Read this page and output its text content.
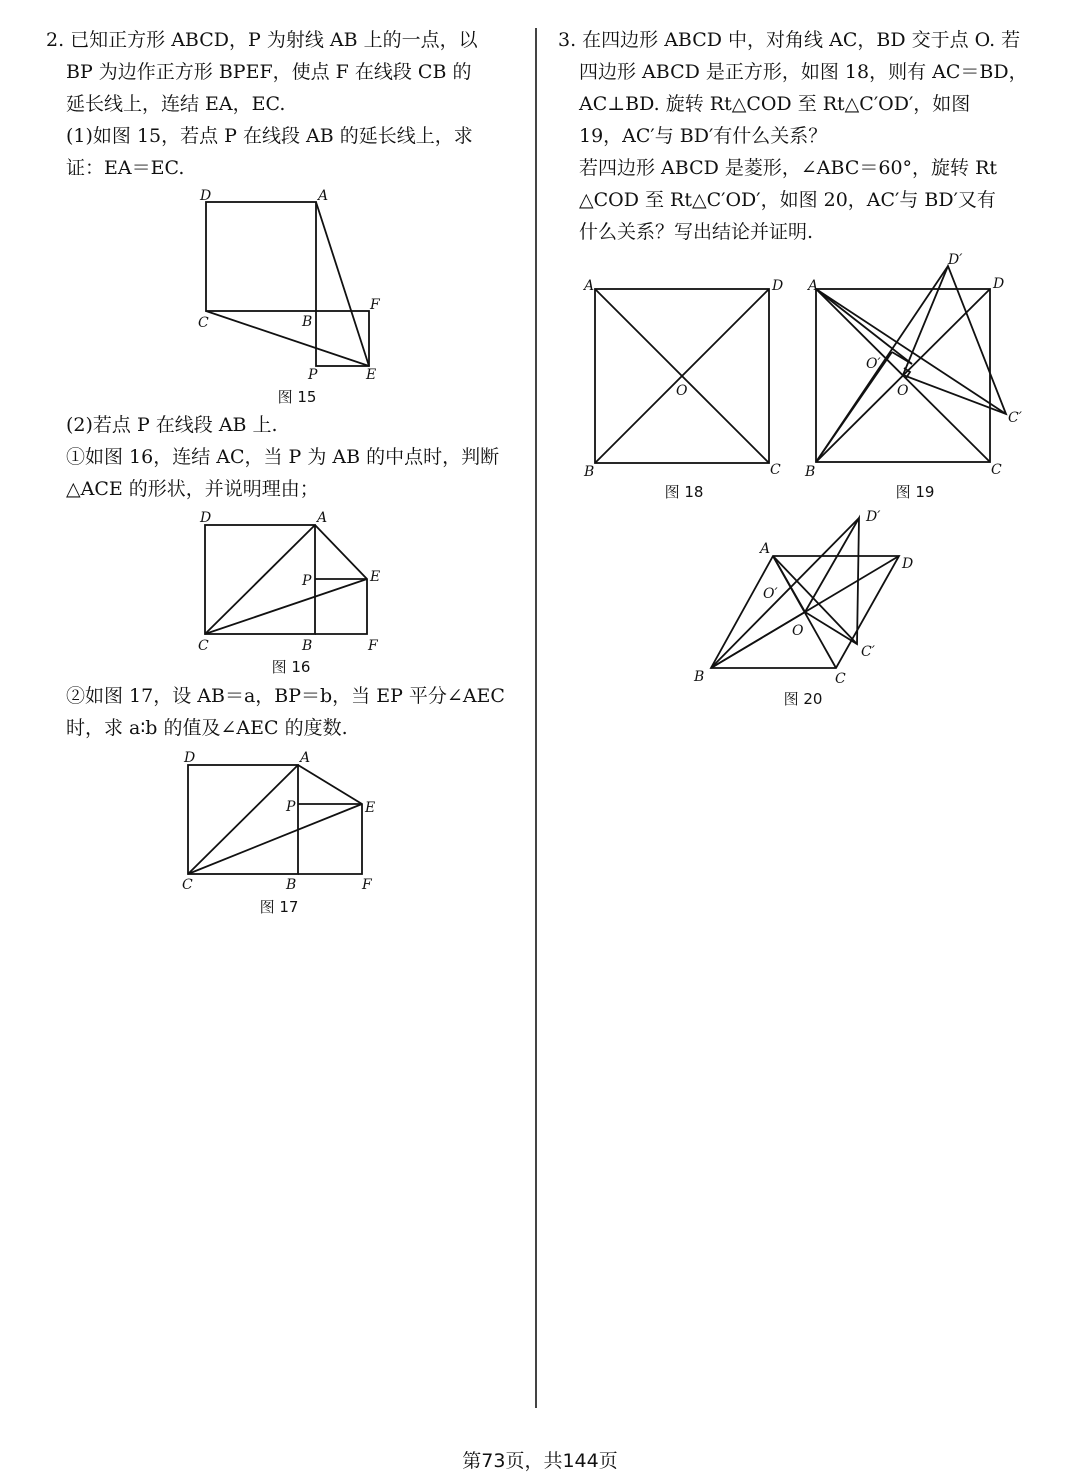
2. 已知正方形 ABCD，P 为射线 AB 上的一点，以

BP 为边作正方形 BPEF，使点 F 在线段 CB 的

延长线上，连结 EA，EC.

(1)如图 15，若点 P 在线段 AB 的延长线上，求

证：EA＝EC.

D	A
C	B
F
P	E
图 15

(2)若点 P 在线段 AB 上.

①如图 16，连结 AC，当 P 为 AB 的中点时，判断

△ACE 的形状，并说明理由；

D	A
P	E
C	B	F
图 16

②如图 17，设 AB＝a，BP＝b，当 EP 平分∠AEC

时，求 a∶b 的值及∠AEC 的度数.

D	A
P	E
C	B	F
图 17

3. 在四边形 ABCD 中，对角线 AC，BD 交于点 O. 若

四边形 ABCD 是正方形，如图 18，则有 AC＝BD，

AC⊥BD. 旋转 Rt△COD 至 Rt△C′OD′，如图

19，AC′与 BD′有什么关系？

若四边形 ABCD 是菱形，∠ABC＝60°，旋转 Rt

△COD 至 Rt△C′OD′，如图 20，AC′与 BD′又有

什么关系？写出结论并证明.

A	D
O
B	C
图 18
A	D
D′
O′
O
C′
B	C
图 19
A
D
D′
O′
O
C′
B	C
图 20
第73页，共144页
